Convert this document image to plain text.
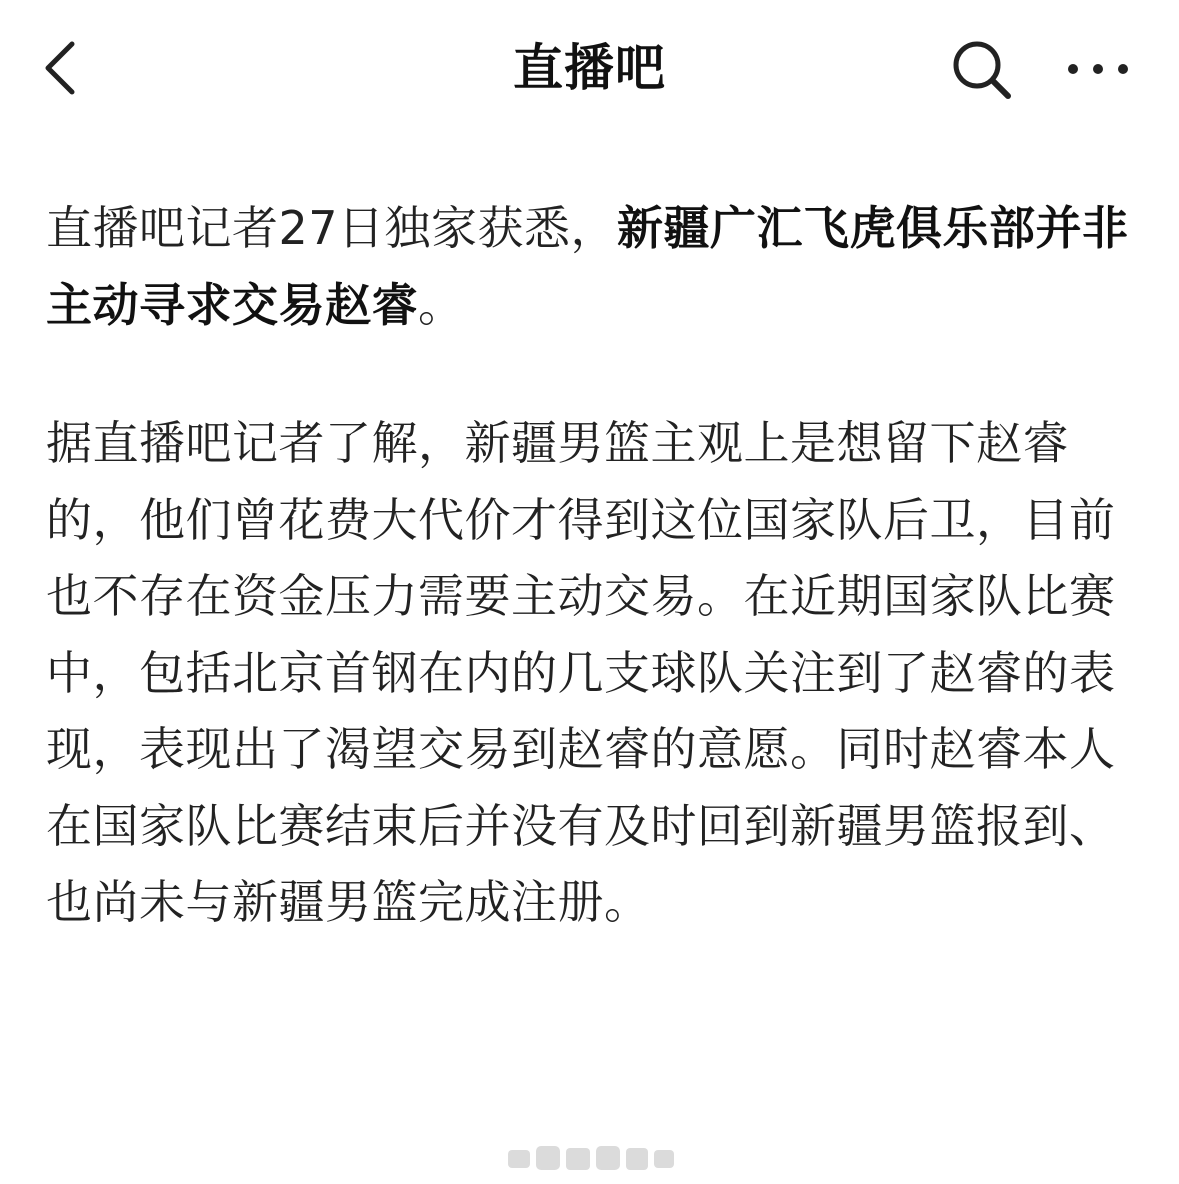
直播吧

直播吧记者27日独家获悉，新疆广汇飞虎俱乐部并非主动寻求交易赵睿。

据直播吧记者了解，新疆男篮主观上是想留下赵睿的，他们曾花费大代价才得到这位国家队后卫，目前也不存在资金压力需要主动交易。在近期国家队比赛中，包括北京首钢在内的几支球队关注到了赵睿的表现，表现出了渴望交易到赵睿的意愿。同时赵睿本人在国家队比赛结束后并没有及时回到新疆男篮报到、也尚未与新疆男篮完成注册。
